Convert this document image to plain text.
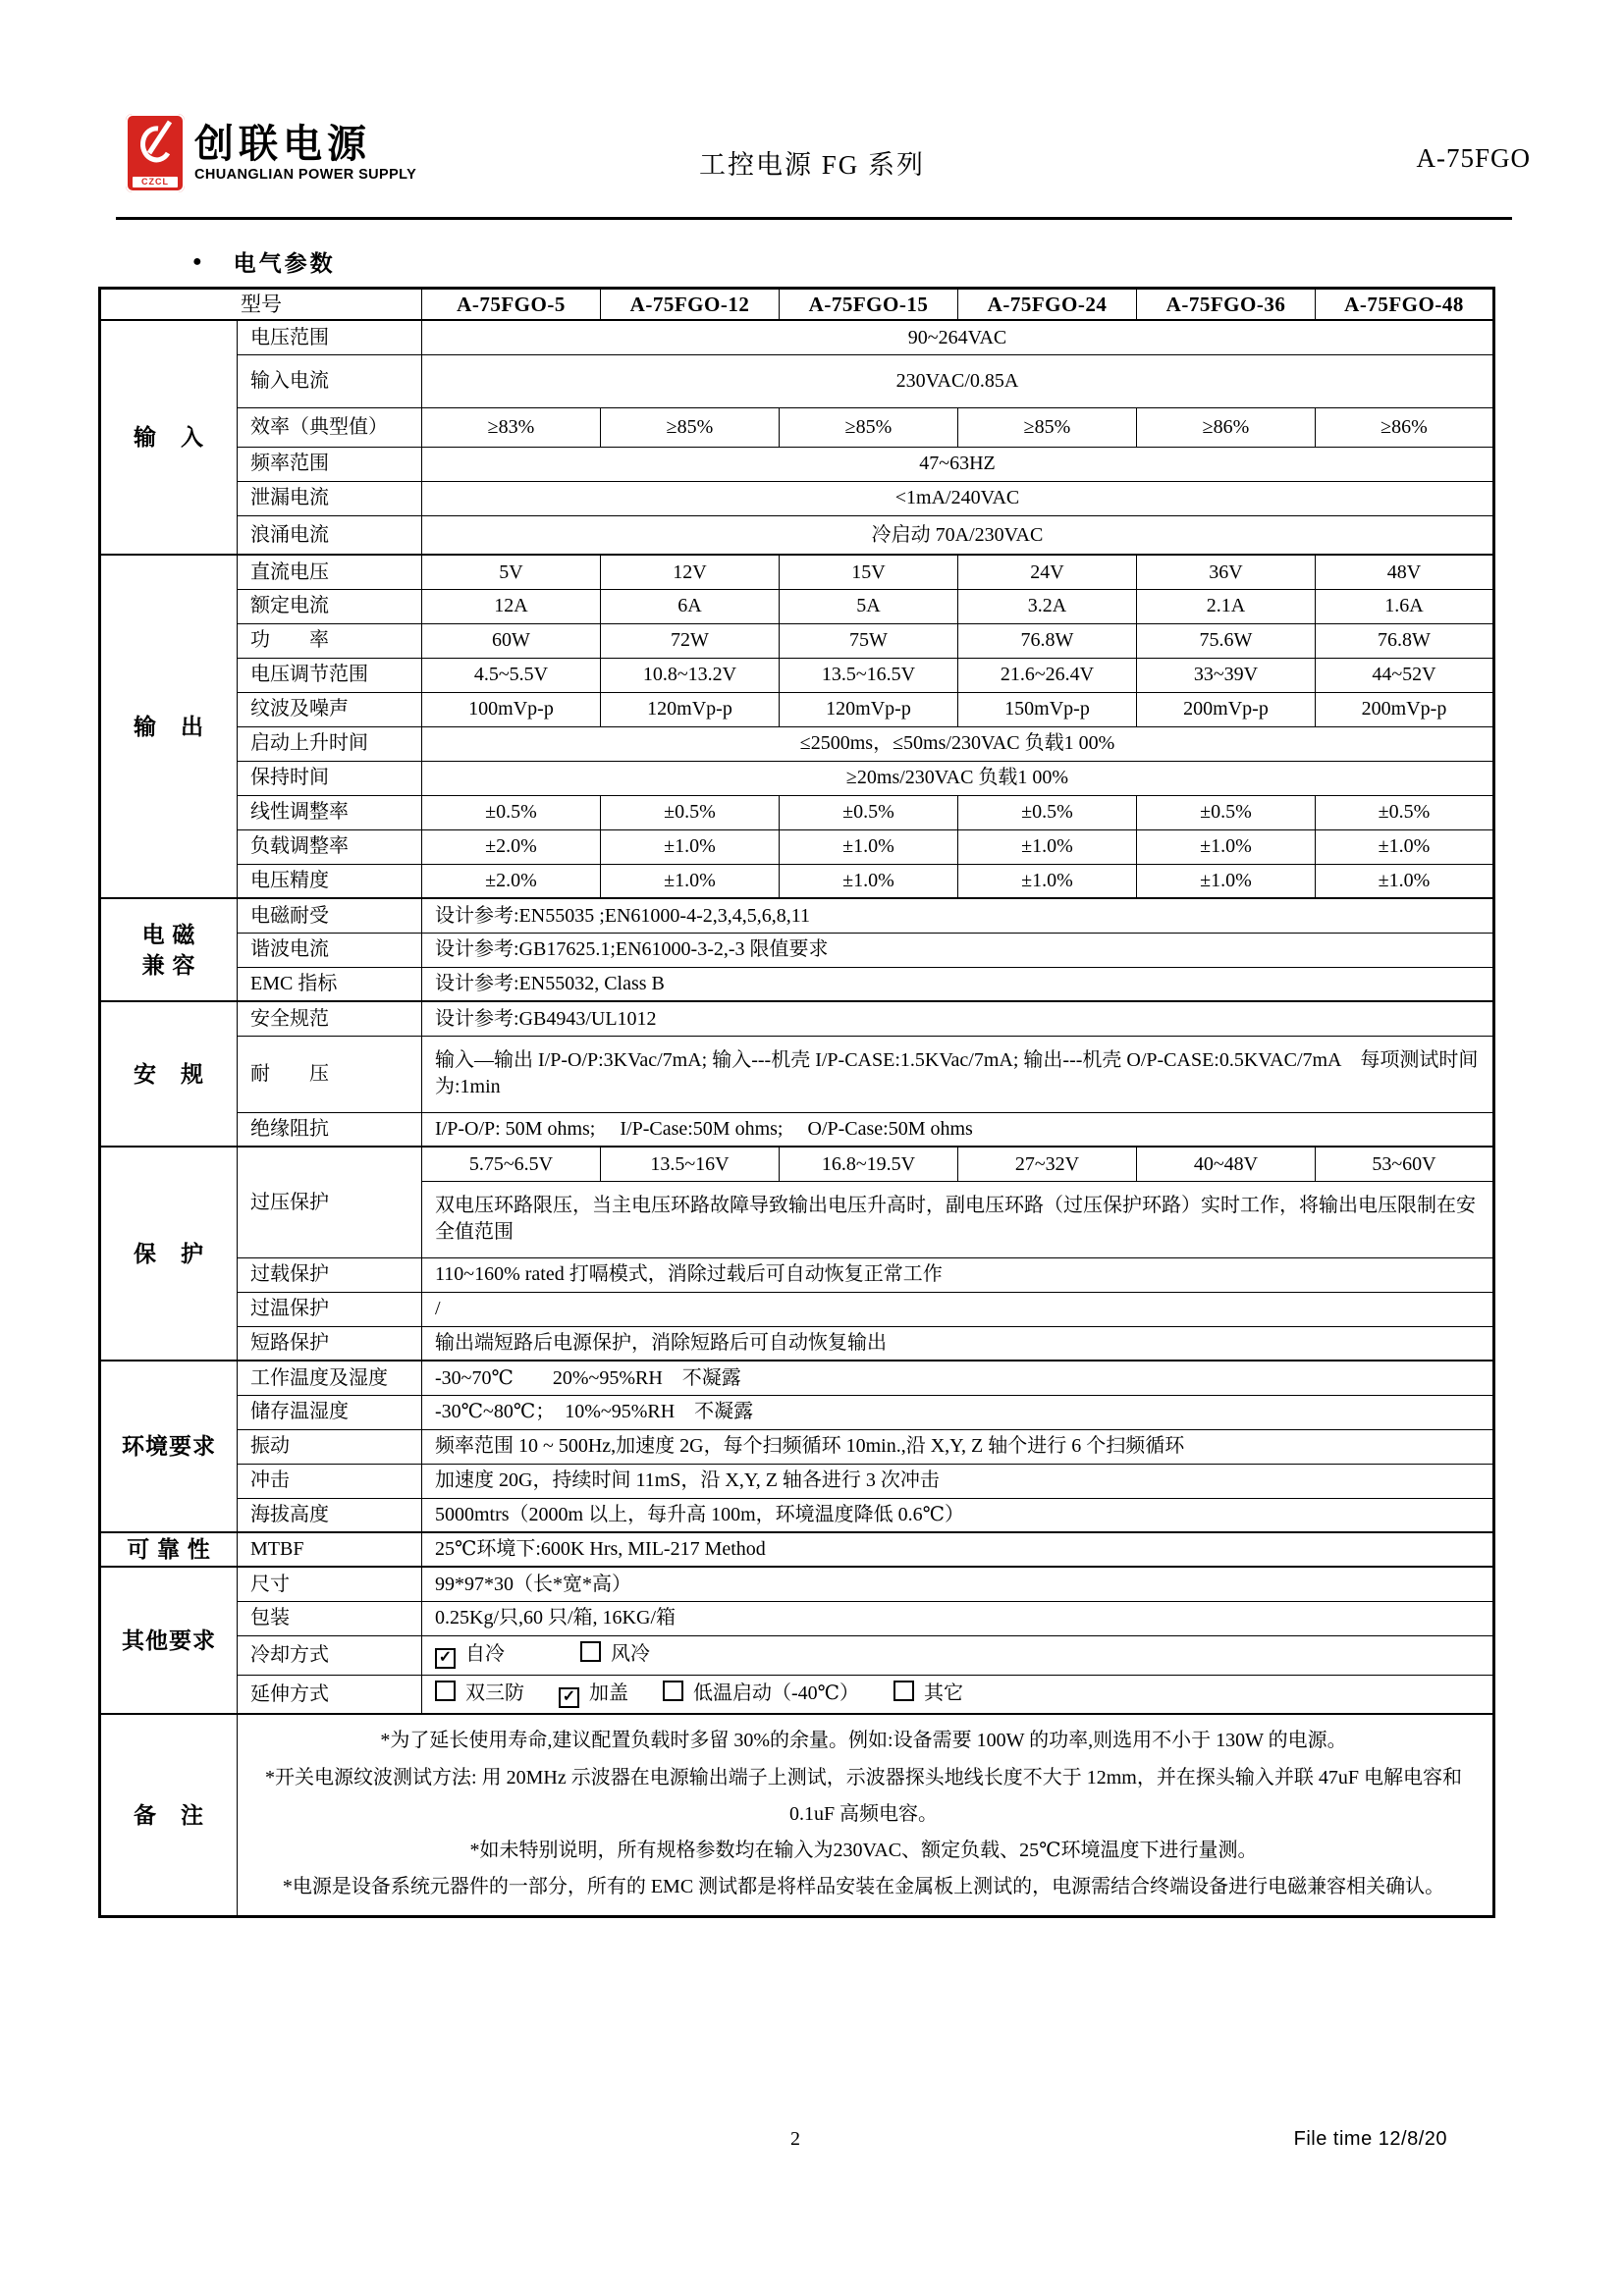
CZCL
创联电源
CHUANGLIAN POWER SUPPLY	工控电源 FG 系列	A-75FGO
● 电气参数
型号		A-75FGO-5	A-75FGO-12	A-75FGO-15	A-75FGO-24	A-75FGO-36	A-75FGO-48
输　入	电压范围	90~264VAC					
	输入电流	230VAC/0.85A					
	效率（典型值）	≥83%	≥85%	≥85%	≥85%	≥86%	≥86%
	频率范围	47~63HZ					
	泄漏电流	<1mA/240VAC					
	浪涌电流	冷启动 70A/230VAC					
输　出	直流电压	5V	12V	15V	24V	36V	48V
	额定电流	12A	6A	5A	3.2A	2.1A	1.6A
	功　　率	60W	72W	75W	76.8W	75.6W	76.8W
	电压调节范围	4.5~5.5V	10.8~13.2V	13.5~16.5V	21.6~26.4V	33~39V	44~52V
	纹波及噪声	100mVp-p	120mVp-p	120mVp-p	150mVp-p	200mVp-p	200mVp-p
	启动上升时间	≤2500ms，≤50ms/230VAC 负载1 00%					
	保持时间	≥20ms/230VAC 负载1 00%					
	线性调整率	±0.5%	±0.5%	±0.5%	±0.5%	±0.5%	±0.5%
	负载调整率	±2.0%	±1.0%	±1.0%	±1.0%	±1.0%	±1.0%
	电压精度	±2.0%	±1.0%	±1.0%	±1.0%	±1.0%	±1.0%

电 磁
兼 容	电磁耐受	设计参考:EN55035 ;EN61000-4-2,3,4,5,6,8,11					
	谐波电流	设计参考:GB17625.1;EN61000-3-2,-3 限值要求					
	EMC 指标	设计参考:EN55032, Class B					
安　规	安全规范	设计参考:GB4943/UL1012					
	耐　　压	输入—输出 I/P-O/P:3KVac/7mA; 输入---机壳 I/P-CASE:1.5KVac/7mA; 输出---机壳 O/P-CASE:0.5KVAC/7mA　每项测试时间为:1min					
	绝缘阻抗	I/P-O/P: 50M ohms;　 I/P-Case:50M ohms;　 O/P-Case:50M ohms					
保　护	过压保护	5.75~6.5V	13.5~16V	16.8~19.5V	27~32V	40~48V	53~60V
		双电压环路限压，当主电压环路故障导致输出电压升高时，副电压环路（过压保护环路）实时工作，将输出电压限制在安全值范围					
	过载保护	110~160% rated 打嗝模式，消除过载后可自动恢复正常工作					
	过温保护	/					
	短路保护	输出端短路后电源保护，消除短路后可自动恢复输出					
环境要求	工作温度及湿度	-30~70℃　　20%~95%RH　不凝露					
	储存温湿度	-30℃~80℃；　10%~95%RH　不凝露					
	振动	频率范围 10 ~ 500Hz,加速度 2G，每个扫频循环 10min.,沿 X,Y, Z 轴个进行 6 个扫频循环					
	冲击	加速度 20G，持续时间 11mS，沿 X,Y, Z 轴各进行 3 次冲击					
	海拔高度	5000mtrs（2000m 以上，每升高 100m，环境温度降低 0.6℃）					
可 靠 性	MTBF	25℃环境下:600K Hrs, MIL-217 Method					
其他要求	尺寸	99*97*30（长*宽*高）					
	包装	0.25Kg/只,60 只/箱, 16KG/箱					
	冷却方式	✓ 自冷 风冷					
	延伸方式	双三防 ✓ 加盖 低温启动（-40℃） 其它					
备　注	*为了延长使用寿命,建议配置负载时多留 30%的余量。例如:设备需要 100W 的功率,则选用不小于 130W 的电源。

*开关电源纹波测试方法: 用 20MHz 示波器在电源输出端子上测试，示波器探头地线长度不大于 12mm，并在探头输入并联 47uF 电解电容和 0.1uF 高频电容。

*如未特别说明，所有规格参数均在输入为230VAC、额定负载、25℃环境温度下进行量测。

*电源是设备系统元器件的一部分，所有的 EMC 测试都是将样品安装在金属板上测试的，电源需结合终端设备进行电磁兼容相关确认。						

2	File time 12/8/20
